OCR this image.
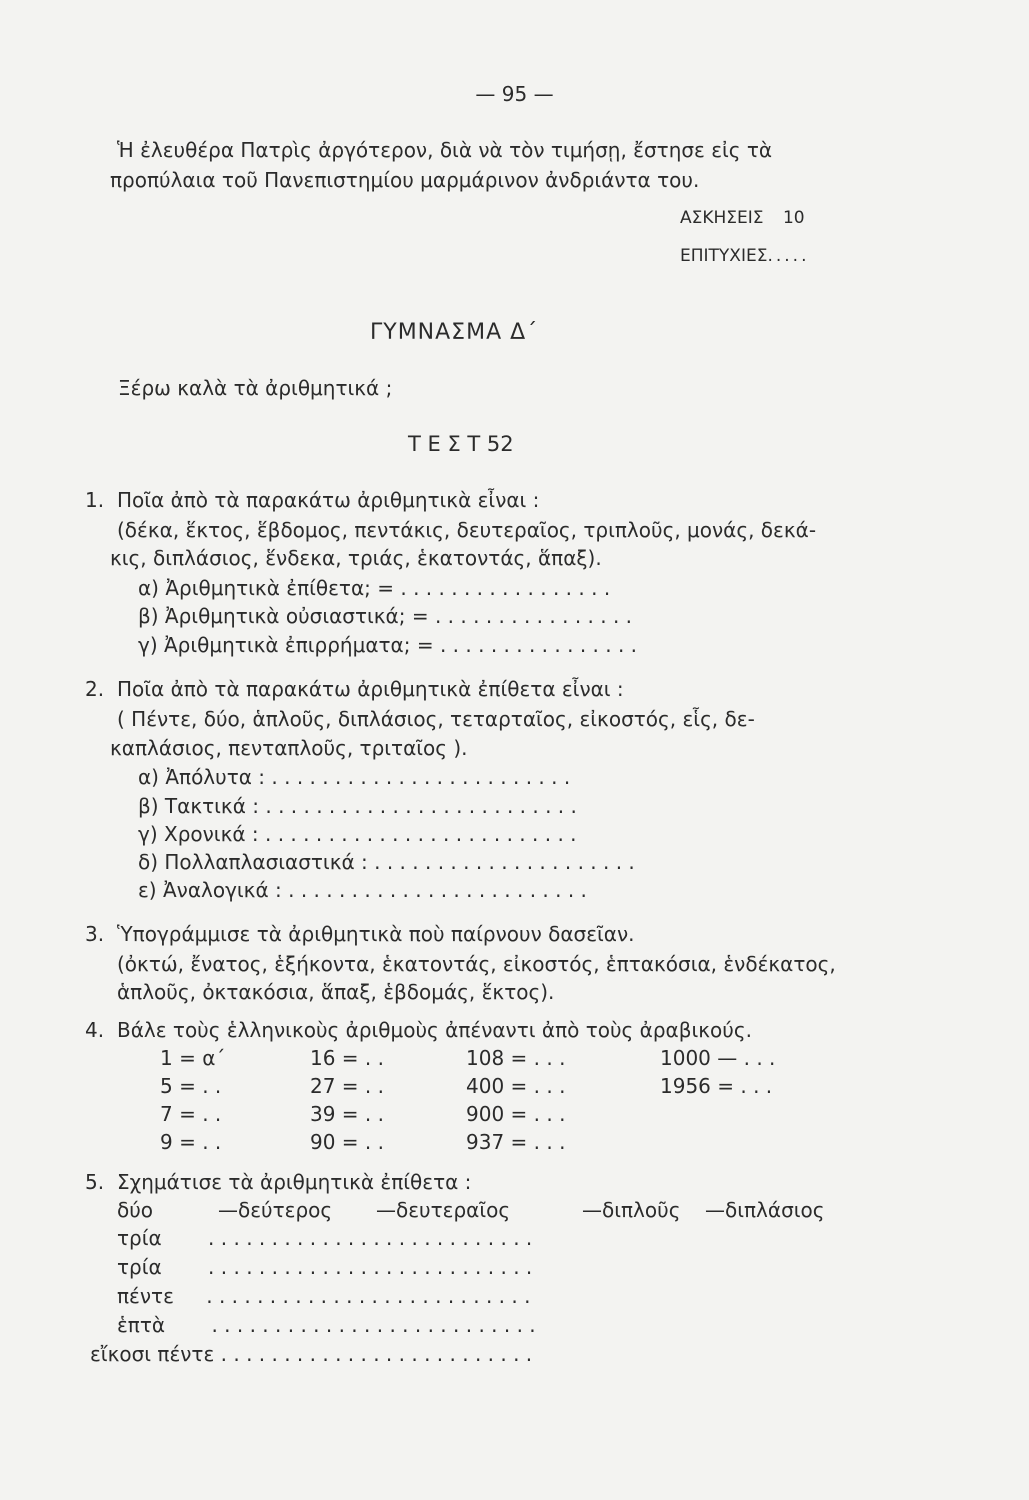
— 95 —
Ἡ ἐλευθέρα Πατρὶς ἀργότερον, διὰ νὰ τὸν τιμήσῃ, ἔστησε εἰς τὰ
προπύλαια τοῦ Πανεπιστημίου μαρμάρινον ἀνδριάντα του.
ΑΣΚΗΣΕΙΣ 10
ΕΠΙΤΥΧΙΕΣ.....
ΓΥΜΝΑΣΜΑ Δ΄
Ξέρω καλὰ τὰ ἀριθμητικά ;
Τ Ε Σ Τ 52
1. Ποῖα ἀπὸ τὰ παρακάτω ἀριθμητικὰ εἶναι :
(δέκα, ἕκτος, ἕβδομος, πεντάκις, δευτεραῖος, τριπλοῦς, μονάς, δεκά-
κις, διπλάσιος, ἕνδεκα, τριάς, ἑκατοντάς, ἅπαξ).
α) Ἀριθμητικὰ ἐπίθετα; = . . . . . . . . . . . . . . . . .
β) Ἀριθμητικὰ οὐσιαστικά; = . . . . . . . . . . . . . . . .
γ) Ἀριθμητικὰ ἐπιρρήματα; = . . . . . . . . . . . . . . . .
2. Ποῖα ἀπὸ τὰ παρακάτω ἀριθμητικὰ ἐπίθετα εἶναι :
( Πέντε, δύο, ἁπλοῦς, διπλάσιος, τεταρταῖος, εἰκοστός, εἷς, δε-
καπλάσιος, πενταπλοῦς, τριταῖος ).
α) Ἀπόλυτα : . . . . . . . . . . . . . . . . . . . . . . . .
β) Τακτικά : . . . . . . . . . . . . . . . . . . . . . . . . .
γ) Χρονικά : . . . . . . . . . . . . . . . . . . . . . . . . .
δ) Πολλαπλασιαστικά : . . . . . . . . . . . . . . . . . . . . .
ε) Ἀναλογικά : . . . . . . . . . . . . . . . . . . . . . . . .
3. Ὑπογράμμισε τὰ ἀριθμητικὰ ποὺ παίρνουν δασεῖαν.
(ὀκτώ, ἔνατος, ἑξήκοντα, ἑκατοντάς, εἰκοστός, ἑπτακόσια, ἑνδέκατος,
ἁπλοῦς, ὀκτακόσια, ἅπαξ, ἑβδομάς, ἕκτος).
4. Βάλε τοὺς ἑλληνικοὺς ἀριθμοὺς ἀπέναντι ἀπὸ τοὺς ἀραβικούς.
1 = α΄	16 = . .	108 = . . .	1000 — . . .
5 = . .	27 = . .	400 = . . .	1956 = . . .
7 = . .	39 = . .	900 = . . .
9 = . .	90 = . .	937 = . . .
5. Σχημάτισε τὰ ἀριθμητικὰ ἐπίθετα :
δύο	—δεύτερος —δευτεραῖος	—διπλοῦς —διπλάσιος
τρία . . . . . . . . . . . . . . . . . . . . . . . . . .
τρία . . . . . . . . . . . . . . . . . . . . . . . . . .
πέντε . . . . . . . . . . . . . . . . . . . . . . . . . .
ἑπτὰ . . . . . . . . . . . . . . . . . . . . . . . . . .
εἴκοσι πέντε . . . . . . . . . . . . . . . . . . . . . . . . .
